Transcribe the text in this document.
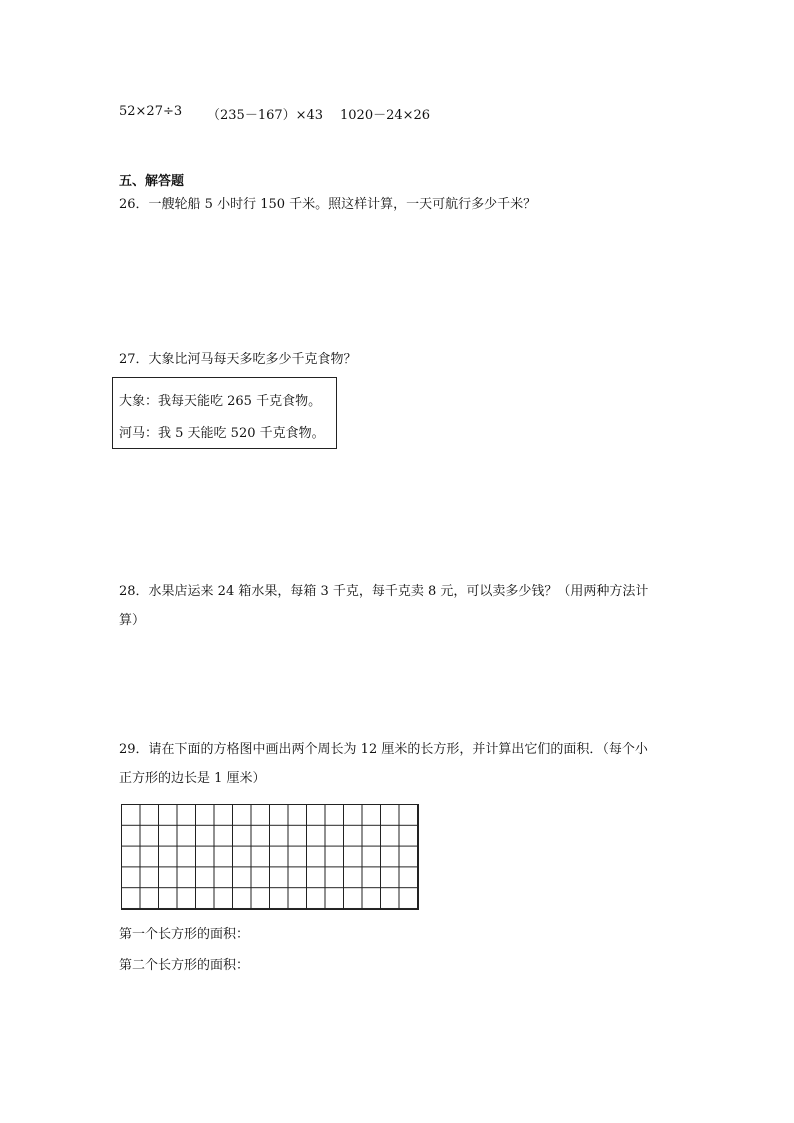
52×27÷3 （235－167）×43 1020－24×26
五、解答题
26．一艘轮船 5 小时行 150 千米。照这样计算，一天可航行多少千米？
27．大象比河马每天多吃多少千克食物？
大象：我每天能吃 265 千克食物。
河马：我 5 天能吃 520 千克食物。
28．水果店运来 24 箱水果，每箱 3 千克，每千克卖 8 元，可以卖多少钱？（用两种方法计
算）
29．请在下面的方格图中画出两个周长为 12 厘米的长方形，并计算出它们的面积．（每个小
正方形的边长是 1 厘米）
第一个长方形的面积：
第二个长方形的面积：
